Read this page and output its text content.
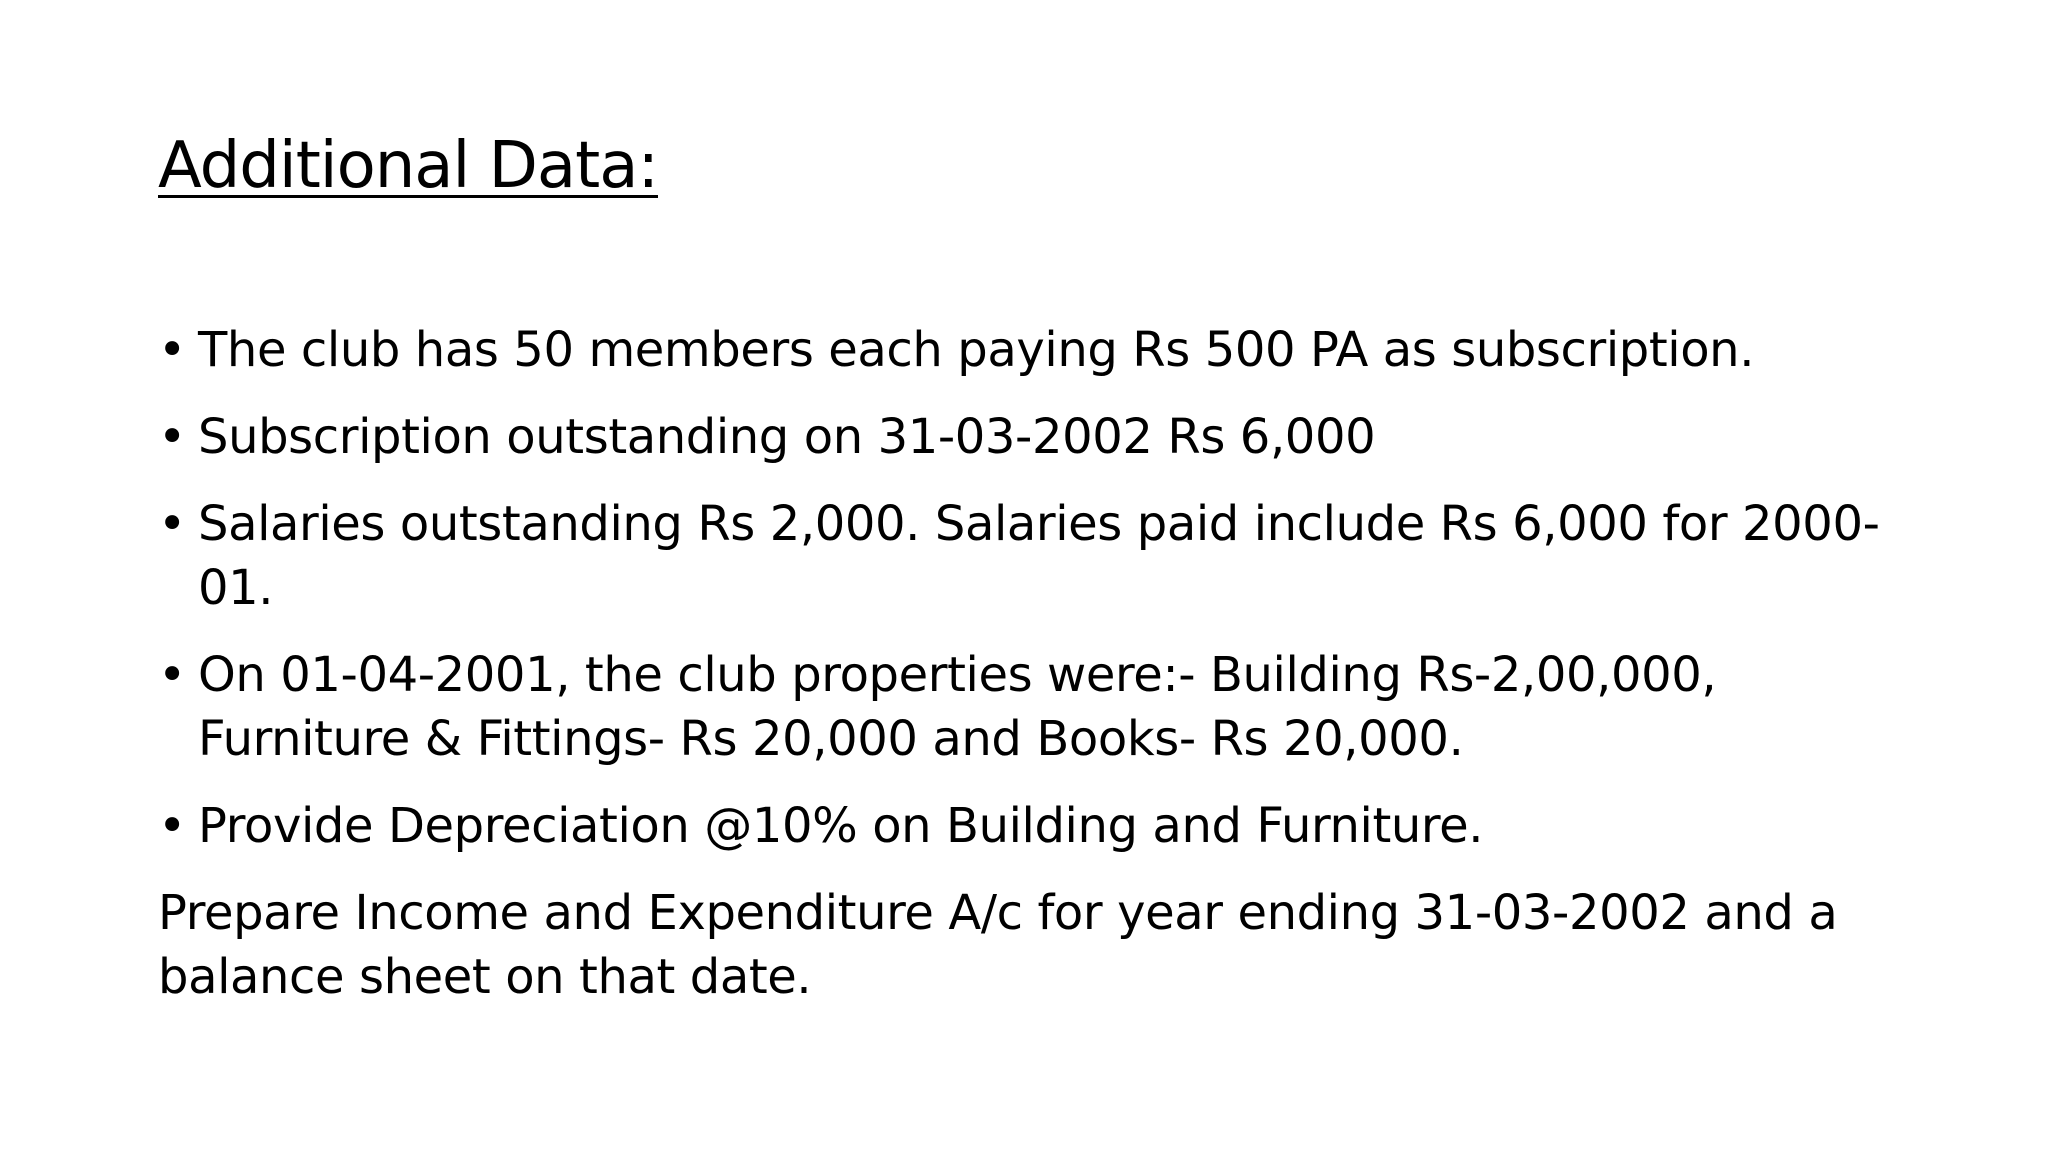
Additional Data:
• The club has 50 members each paying Rs 500 PA as subscription.
• Subscription outstanding on 31-03-2002 Rs 6,000
• Salaries outstanding Rs 2,000. Salaries paid include Rs 6,000 for 2000-01.
• On 01-04-2001, the club properties were:- Building Rs-2,00,000, Furniture & Fittings- Rs 20,000 and Books- Rs 20,000.
• Provide Depreciation @10% on Building and Furniture.

Prepare Income and Expenditure A/c for year ending 31-03-2002 and a balance sheet on that date.
